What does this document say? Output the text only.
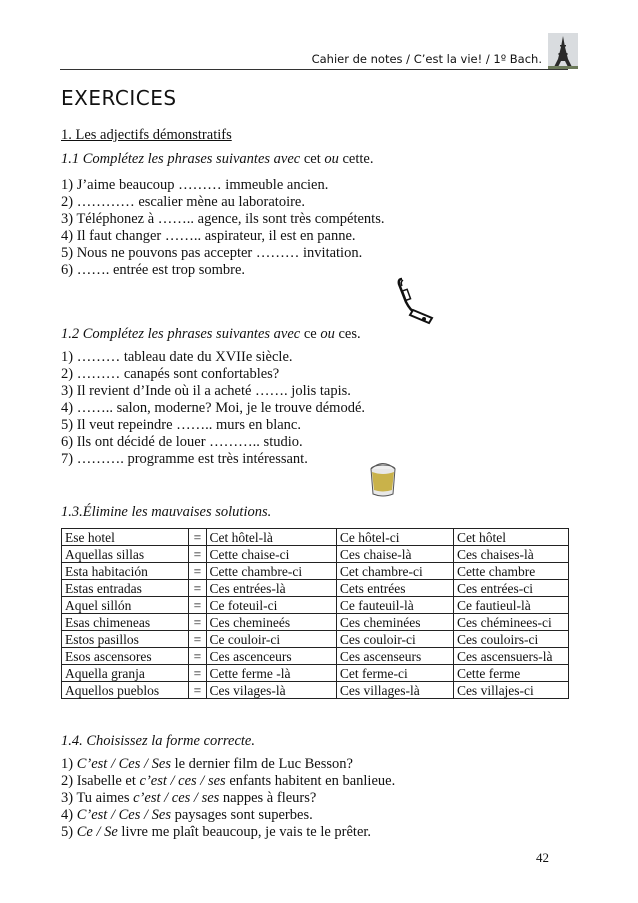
Cahier de notes / C’est la vie! / 1º Bach.
EXERCICES
1. Les adjectifs démonstratifs
1.1 Complétez les phrases suivantes avec cet ou cette.
1) J’aime beaucoup ……… immeuble ancien.
2) ………… escalier mène au laboratoire.
3) Téléphonez à …….. agence, ils sont très compétents.
4) Il faut changer …….. aspirateur, il est en panne.
5) Nous ne pouvons pas accepter ……… invitation.
6) ……. entrée est trop sombre.
1.2 Complétez les phrases suivantes avec ce ou ces.
1) ……… tableau date du XVIIe siècle.
2) ……… canapés sont confortables?
3) Il revient d’Inde où il a acheté ……. jolis tapis.
4) …….. salon, moderne? Moi, je le trouve démodé.
5) Il veut repeindre …….. murs en blanc.
6) Ils ont décidé de louer ……….. studio.
7) ………. programme est très intéressant.
1.3.Élimine les mauvaises solutions.
Ese hotel	=	Cet hôtel-là	Ce hôtel-ci	Cet hôtel
Aquellas sillas	=	Cette chaise-ci	Ces chaise-là	Ces chaises-là
Esta habitación	=	Cette chambre-ci	Cet chambre-ci	Cette chambre
Estas entradas	=	Ces entrées-là	Cets entrées	Ces entrées-ci
Aquel sillón	=	Ce foteuil-ci	Ce fauteuil-là	Ce fautieul-là
Esas chimeneas	=	Ces chemineés	Ces cheminées	Ces chéminees-ci
Estos pasillos	=	Ce couloir-ci	Ces couloir-ci	Ces couloirs-ci
Esos ascensores	=	Ces ascenceurs	Ces ascenseurs	Ces ascensuers-là
Aquella granja	=	Cette ferme -là	Cet ferme-ci	Cette ferme
Aquellos pueblos	=	Ces vilages-là	Ces villages-là	Ces villajes-ci
1.4. Choisissez la forme correcte.
1) C’est / Ces / Ses le dernier film de Luc Besson?
2) Isabelle et c’est / ces / ses enfants habitent en banlieue.
3) Tu aimes c’est / ces / ses nappes à fleurs?
4) C’est / Ces / Ses paysages sont superbes.
5) Ce / Se livre me plaît beaucoup, je vais te le prêter.
42
